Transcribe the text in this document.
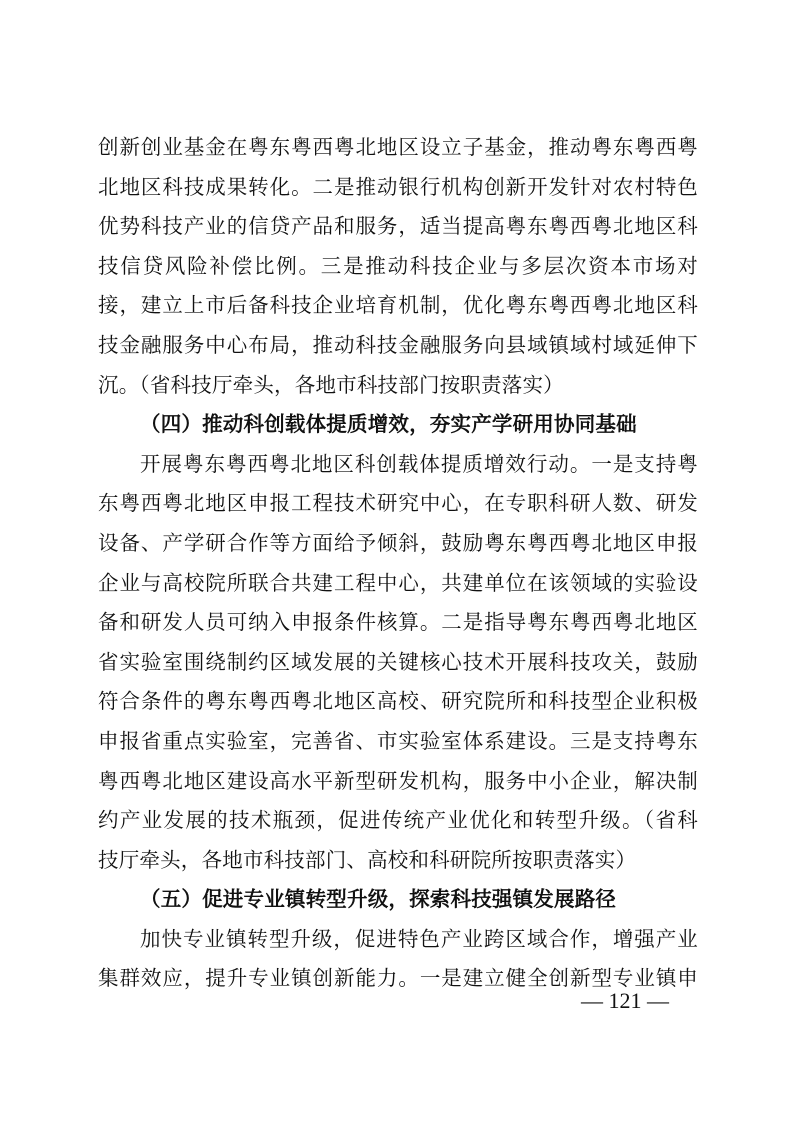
创新创业基金在粤东粤西粤北地区设立子基金，推动粤东粤西粤
北地区科技成果转化。二是推动银行机构创新开发针对农村特色
优势科技产业的信贷产品和服务，适当提高粤东粤西粤北地区科
技信贷风险补偿比例。三是推动科技企业与多层次资本市场对
接，建立上市后备科技企业培育机制，优化粤东粤西粤北地区科
技金融服务中心布局，推动科技金融服务向县域镇域村域延伸下
沉。（省科技厅牵头，各地市科技部门按职责落实）
（四）推动科创载体提质增效，夯实产学研用协同基础
开展粤东粤西粤北地区科创载体提质增效行动。一是支持粤
东粤西粤北地区申报工程技术研究中心，在专职科研人数、研发
设备、产学研合作等方面给予倾斜，鼓励粤东粤西粤北地区申报
企业与高校院所联合共建工程中心，共建单位在该领域的实验设
备和研发人员可纳入申报条件核算。二是指导粤东粤西粤北地区
省实验室围绕制约区域发展的关键核心技术开展科技攻关，鼓励
符合条件的粤东粤西粤北地区高校、研究院所和科技型企业积极
申报省重点实验室，完善省、市实验室体系建设。三是支持粤东
粤西粤北地区建设高水平新型研发机构，服务中小企业，解决制
约产业发展的技术瓶颈，促进传统产业优化和转型升级。（省科
技厅牵头，各地市科技部门、高校和科研院所按职责落实）
（五）促进专业镇转型升级，探索科技强镇发展路径
加快专业镇转型升级，促进特色产业跨区域合作，增强产业
集群效应，提升专业镇创新能力。一是建立健全创新型专业镇申
— 121 —
